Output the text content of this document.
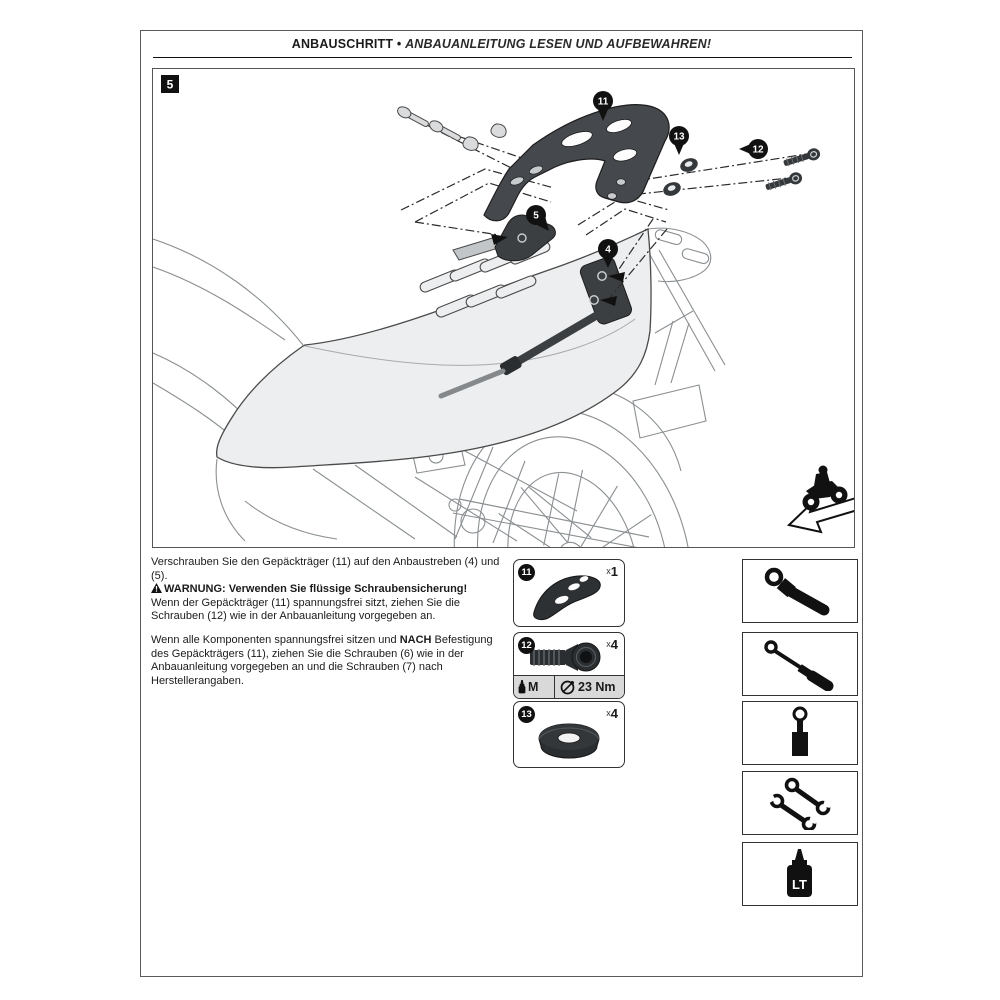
ANBAUSCHRITT • ANBAUANLEITUNG LESEN UND AUFBEWAHREN!
11
13
12
5
4
5

Verschrauben Sie den Gepäckträger (11) auf den Anbaustreben (4) und (5).
WARNUNG: Verwenden Sie flüssige Schraubensicherung!
Wenn der Gepäckträger (11) spannungsfrei sitzt, ziehen Sie die Schrauben (12) wie in der Anbauanleitung vorgegeben an.

Wenn alle Komponenten spannungsfrei sitzen und NACH Befestigung des Gepäckträgers (11), ziehen Sie die Schrauben (6) wie in der Anbauanleitung vorgegeben an und die Schrauben (7) nach Herstellerangaben.

11	x1
12	x4
M	23 Nm
13	x4
LT
